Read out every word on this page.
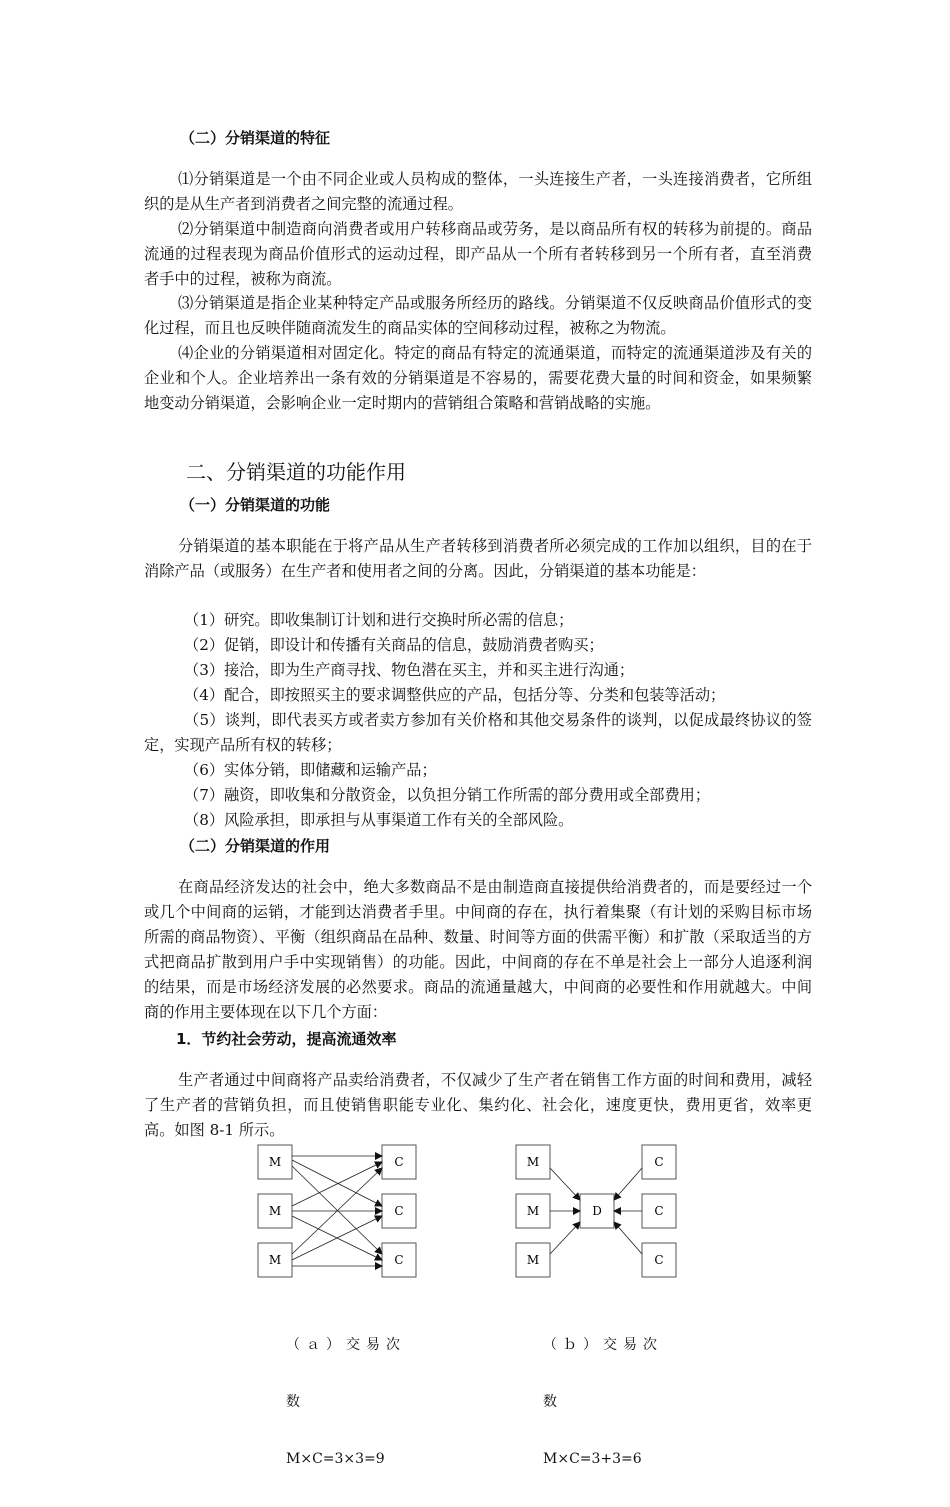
（二）分销渠道的特征

⑴分销渠道是一个由不同企业或人员构成的整体，一头连接生产者，一头连接消费者，它所组织的是从生产者到消费者之间完整的流通过程。

⑵分销渠道中制造商向消费者或用户转移商品或劳务，是以商品所有权的转移为前提的。商品流通的过程表现为商品价值形式的运动过程，即产品从一个所有者转移到另一个所有者，直至消费者手中的过程，被称为商流。

⑶分销渠道是指企业某种特定产品或服务所经历的路线。分销渠道不仅反映商品价值形式的变化过程，而且也反映伴随商流发生的商品实体的空间移动过程，被称之为物流。

⑷企业的分销渠道相对固定化。特定的商品有特定的流通渠道，而特定的流通渠道涉及有关的企业和个人。企业培养出一条有效的分销渠道是不容易的，需要花费大量的时间和资金，如果频繁地变动分销渠道，会影响企业一定时期内的营销组合策略和营销战略的实施。

二、分销渠道的功能作用
（一）分销渠道的功能

分销渠道的基本职能在于将产品从生产者转移到消费者所必须完成的工作加以组织，目的在于消除产品（或服务）在生产者和使用者之间的分离。因此，分销渠道的基本功能是：

（1）研究。即收集制订计划和进行交换时所必需的信息；

（2）促销，即设计和传播有关商品的信息，鼓励消费者购买；

（3）接洽，即为生产商寻找、物色潜在买主，并和买主进行沟通；

（4）配合，即按照买主的要求调整供应的产品，包括分等、分类和包装等活动；

（5）谈判，即代表买方或者卖方参加有关价格和其他交易条件的谈判，以促成最终协议的签定，实现产品所有权的转移；

（6）实体分销，即储藏和运输产品；

（7）融资，即收集和分散资金，以负担分销工作所需的部分费用或全部费用；

（8）风险承担，即承担与从事渠道工作有关的全部风险。

（二）分销渠道的作用

在商品经济发达的社会中，绝大多数商品不是由制造商直接提供给消费者的，而是要经过一个或几个中间商的运销，才能到达消费者手里。中间商的存在，执行着集聚（有计划的采购目标市场所需的商品物资）、平衡（组织商品在品种、数量、时间等方面的供需平衡）和扩散（采取适当的方式把商品扩散到用户手中实现销售）的功能。因此，中间商的存在不单是社会上一部分人追逐利润的结果，而是市场经济发展的必然要求。商品的流通量越大，中间商的必要性和作用就越大。中间商的作用主要体现在以下几个方面：

1．节约社会劳动，提高流通效率

生产者通过中间商将产品卖给消费者，不仅减少了生产者在销售工作方面的时间和费用，减轻了生产者的营销负担，而且使销售职能专业化、集约化、社会化，速度更快，费用更省，效率更高。如图 8-1 所示。

M
M
M
C
C
C
M
M
M
D
C
C
C

（ａ）交易次

数

M×C=3×3=9

（ｂ）交易次

数

M×C=3+3=6
